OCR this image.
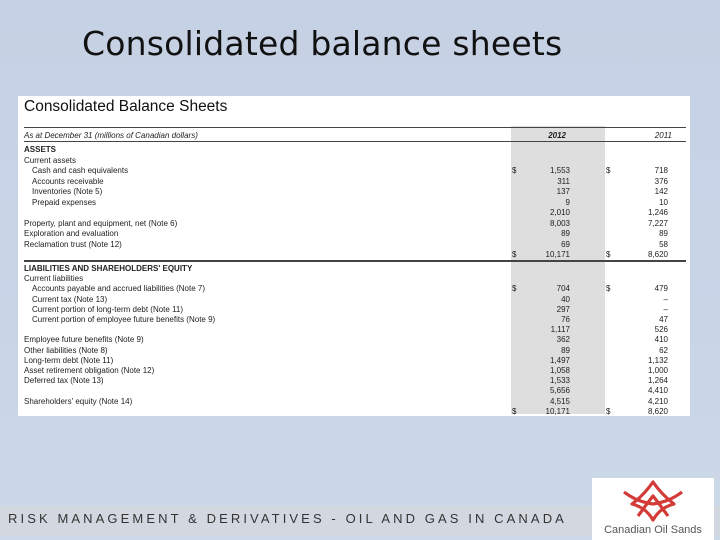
Consolidated balance sheets
Consolidated Balance Sheets
As at December 31 (millions of Canadian dollars)	2012	2011
ASSETS
Current assets
Cash and cash equivalents	$	1,553	$	718
Accounts receivable	311	376
Inventories (Note 5)	137	142
Prepaid expenses	9	10
2,010	1,246
Property, plant and equipment, net (Note 6)	8,003	7,227
Exploration and evaluation	89	89
Reclamation trust (Note 12)	69	58
$	10,171	$	8,620
LIABILITIES AND SHAREHOLDERS' EQUITY
Current liabilities
Accounts payable and accrued liabilities (Note 7)	$	704	$	479
Current tax (Note 13)	40	–
Current portion of long-term debt (Note 11)	297	–
Current portion of employee future benefits (Note 9)	76	47
1,117	526
Employee future benefits (Note 9)	362	410
Other liabilities (Note 8)	89	62
Long-term debt (Note 11)	1,497	1,132
Asset retirement obligation (Note 12)	1,058	1,000
Deferred tax (Note 13)	1,533	1,264
5,656	4,410
Shareholders' equity (Note 14)	4,515	4,210
$	10,171	$	8,620
RISK MANAGEMENT & DERIVATIVES - OIL AND GAS IN CANADA
Canadian Oil Sands
